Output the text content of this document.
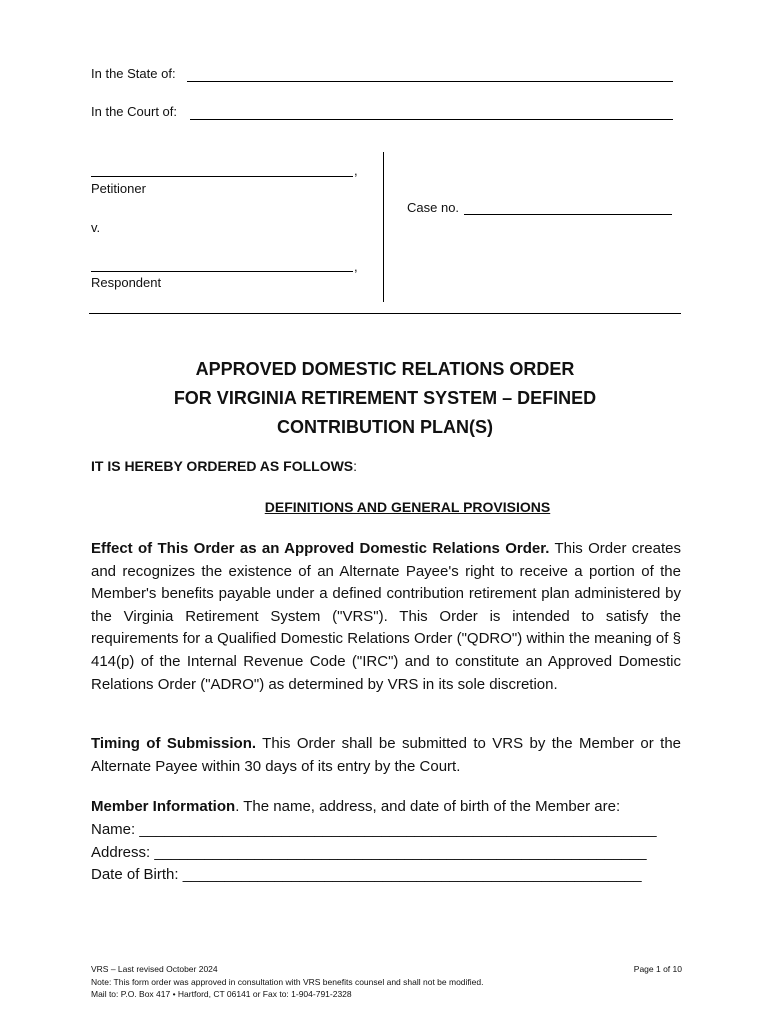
In the State of:
In the Court of:
,
Petitioner
v.
,
Respondent
Case no.
APPROVED DOMESTIC RELATIONS ORDER
FOR VIRGINIA RETIREMENT SYSTEM – DEFINED
CONTRIBUTION PLAN(S)
IT IS HEREBY ORDERED AS FOLLOWS:
DEFINITIONS AND GENERAL PROVISIONS
Effect of This Order as an Approved Domestic Relations Order. This Order creates and recognizes the existence of an Alternate Payee's right to receive a portion of the Member's benefits payable under a defined contribution retirement plan administered by the Virginia Retirement System ("VRS"). This Order is intended to satisfy the requirements for a Qualified Domestic Relations Order ("QDRO") within the meaning of § 414(p) of the Internal Revenue Code ("IRC") and to constitute an Approved Domestic Relations Order ("ADRO") as determined by VRS in its sole discretion.
Timing of Submission. This Order shall be submitted to VRS by the Member or the Alternate Payee within 30 days of its entry by the Court.
Member Information. The name, address, and date of birth of the Member are:
Name: ______________________________________________________________
Address: ___________________________________________________________
Date of Birth: _______________________________________________________
VRS – Last revised October 2024
Note: This form order was approved in consultation with VRS benefits counsel and shall not be modified.
Mail to: P.O. Box 417 • Hartford, CT 06141 or Fax to: 1-904-791-2328
Page 1 of 10
